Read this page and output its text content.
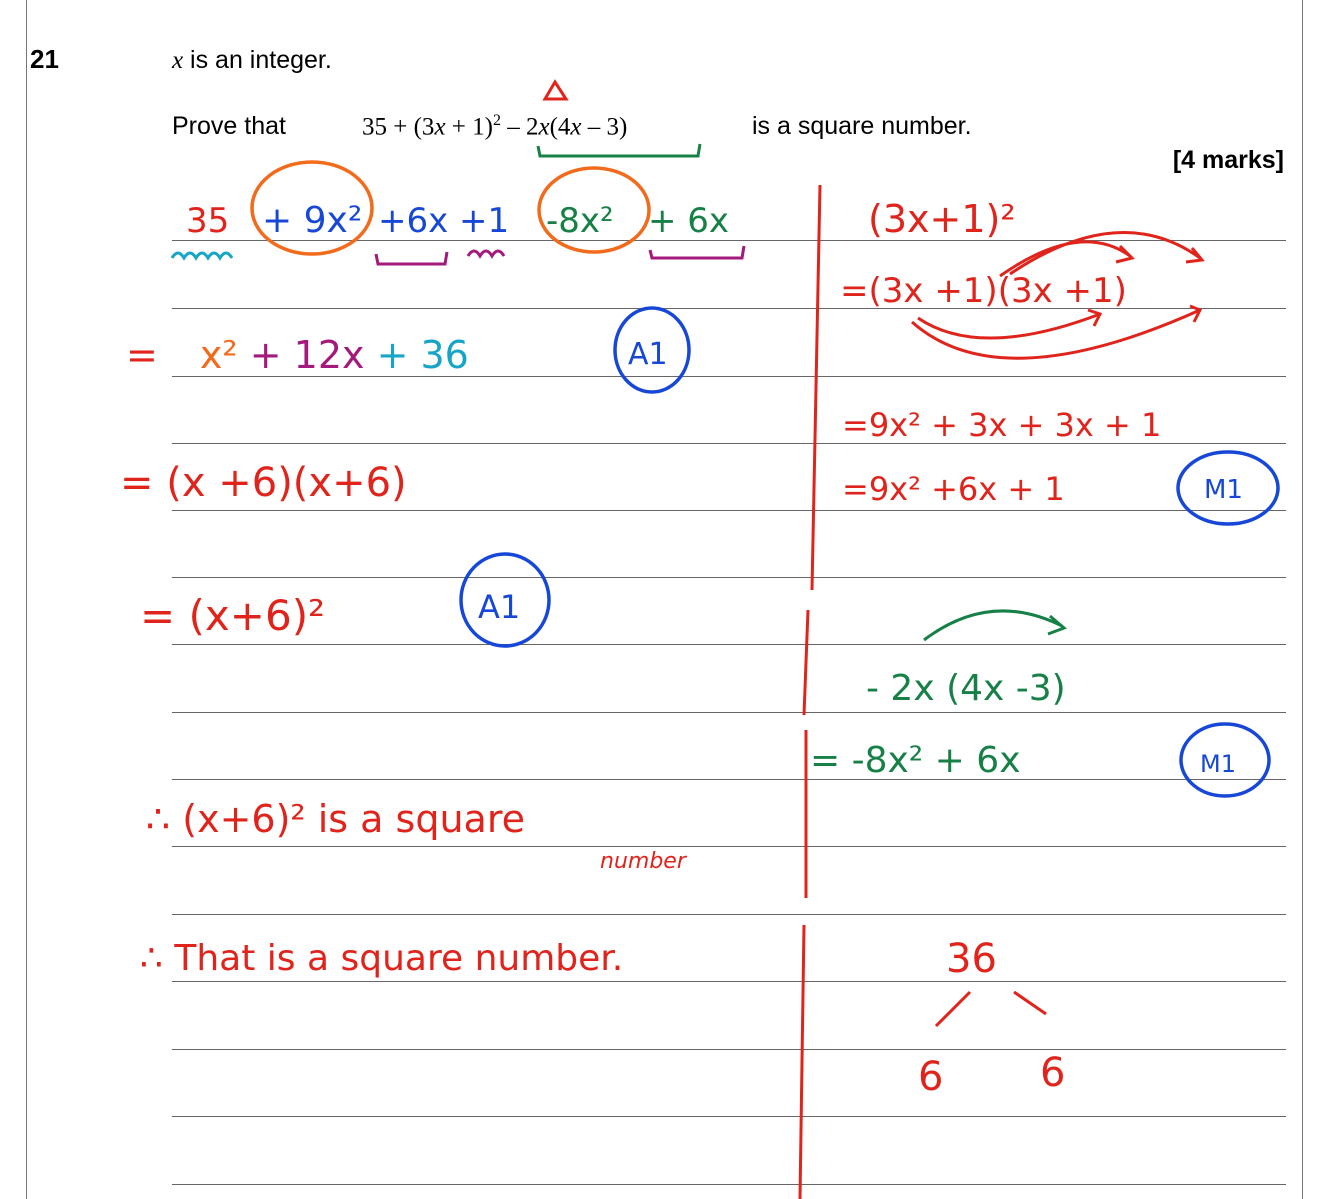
21	x is an integer.
Prove that	$35 + (3x + 1)^2 - 2x(4x - 3)$	is a square number.
[4 marks]
35 + 9x² +6x +1 -8x² + 6x
= x² + 12x + 36	A1
= (x +6)(x+6)
= (x+6)²	A1
∴ (x+6)² is a square
number
∴ That is a square number.
(3x+1)²
=(3x +1)(3x +1)
=9x² + 3x + 3x + 1
=9x² +6x + 1	M1
- 2x (4x -3)
= -8x² + 6x	M1
36
6 6
